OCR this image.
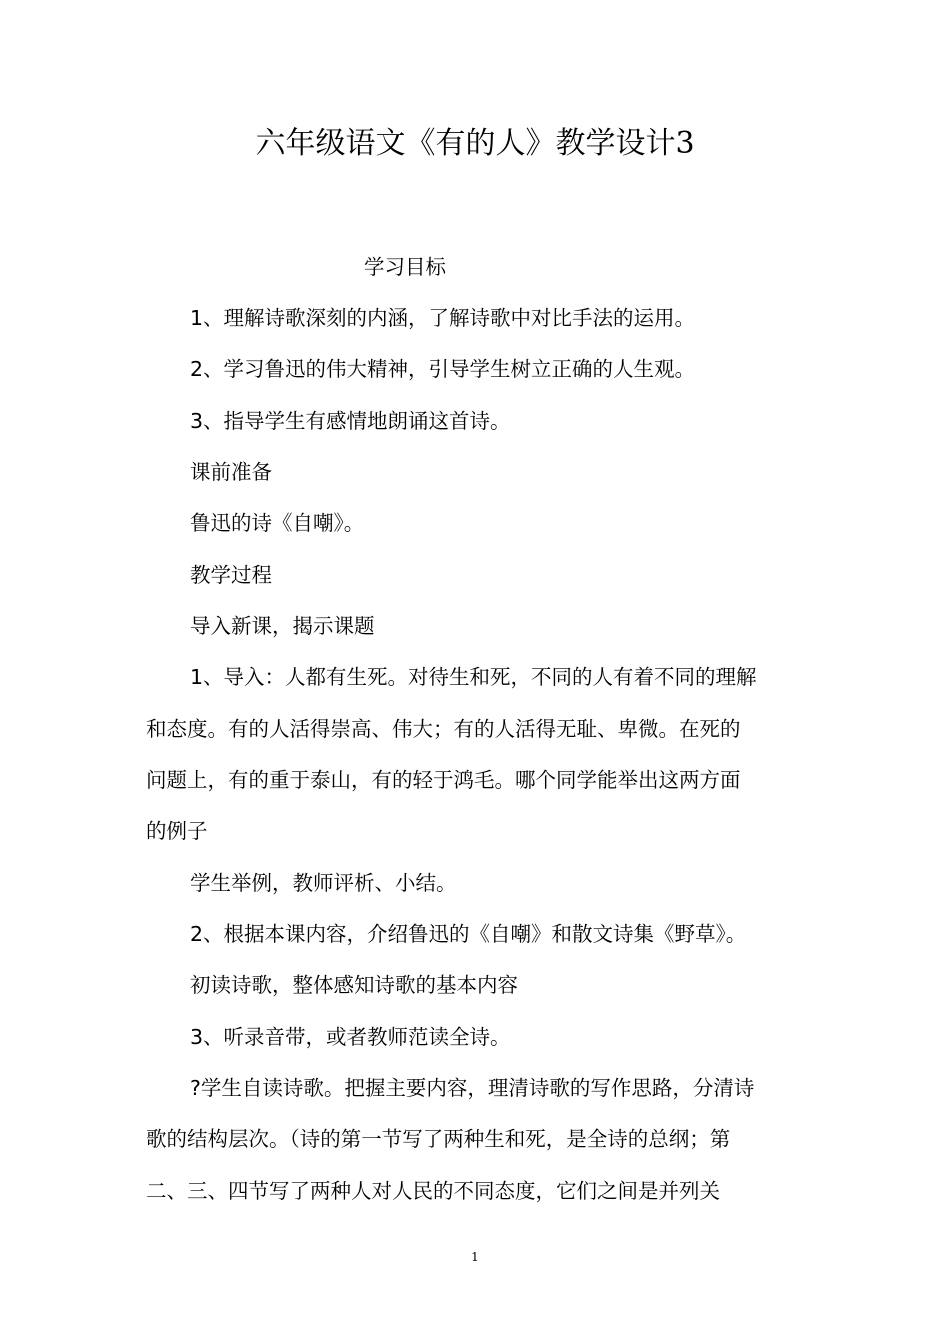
六年级语文《有的人》教学设计3
学习目标
1、理解诗歌深刻的内涵，了解诗歌中对比手法的运用。
2、学习鲁迅的伟大精神，引导学生树立正确的人生观。
3、指导学生有感情地朗诵这首诗。
课前准备
鲁迅的诗《自嘲》。
教学过程
导入新课，揭示课题
1、导入：人都有生死。对待生和死，不同的人有着不同的理解
和态度。有的人活得崇高、伟大；有的人活得无耻、卑微。在死的
问题上，有的重于泰山，有的轻于鸿毛。哪个同学能举出这两方面
的例子
学生举例，教师评析、小结。
2、根据本课内容，介绍鲁迅的《自嘲》和散文诗集《野草》。
初读诗歌，整体感知诗歌的基本内容
3、听录音带，或者教师范读全诗。
?学生自读诗歌。把握主要内容，理清诗歌的写作思路，分清诗
歌的结构层次。（诗的第一节写了两种生和死，是全诗的总纲；第
二、三、四节写了两种人对人民的不同态度，它们之间是并列关
1
